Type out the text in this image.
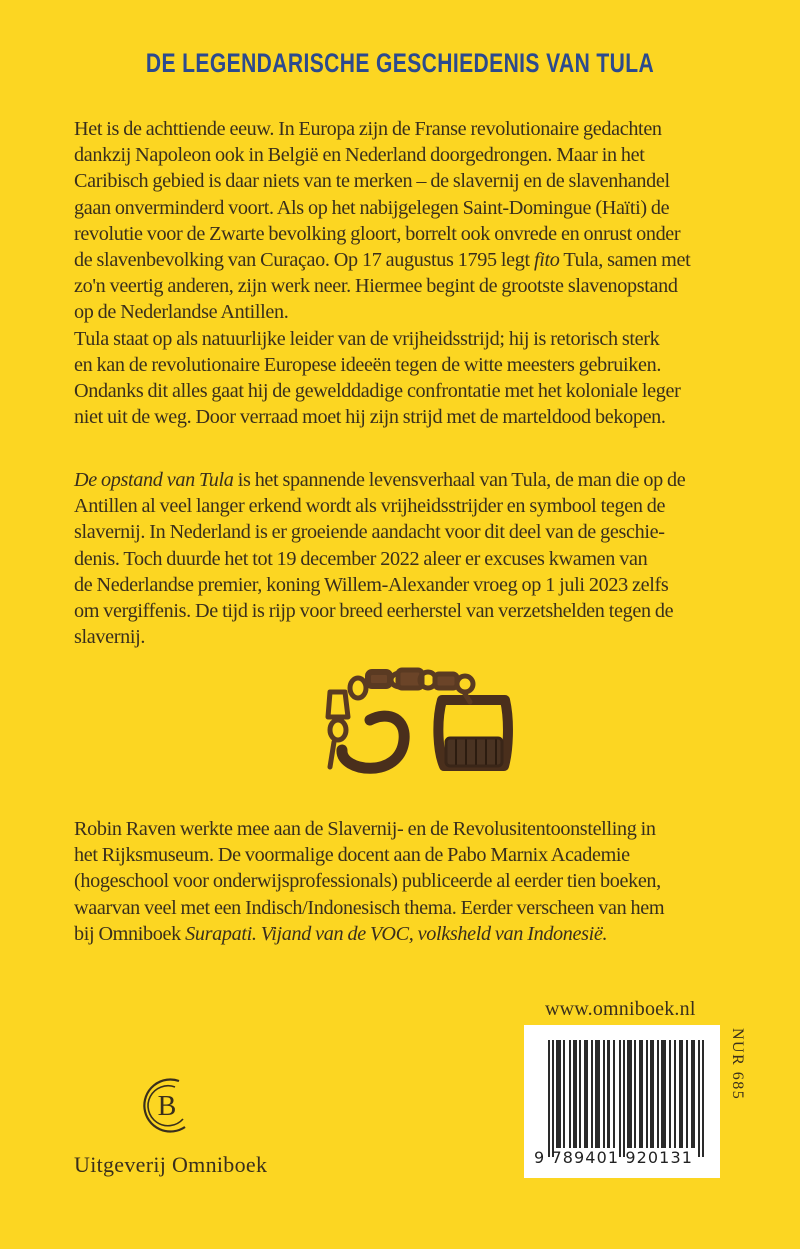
DE LEGENDARISCHE GESCHIEDENIS VAN TULA

Het is de achttiende eeuw. In Europa zijn de Franse revolutionaire gedachten

dankzij Napoleon ook in België en Nederland doorgedrongen. Maar in het

Caribisch gebied is daar niets van te merken – de slavernij en de slavenhandel

gaan onverminderd voort. Als op het nabijgelegen Saint-Domingue (Haïti) de

revolutie voor de Zwarte bevolking gloort, borrelt ook onvrede en onrust onder

de slavenbevolking van Curaçao. Op 17 augustus 1795 legt fito Tula, samen met

zo'n veertig anderen, zijn werk neer. Hiermee begint de grootste slavenopstand

op de Nederlandse Antillen.

Tula staat op als natuurlijke leider van de vrijheidsstrijd; hij is retorisch sterk

en kan de revolutionaire Europese ideeën tegen de witte meesters gebruiken.

Ondanks dit alles gaat hij de gewelddadige confrontatie met het koloniale leger

niet uit de weg. Door verraad moet hij zijn strijd met de marteldood bekopen.

De opstand van Tula is het spannende levensverhaal van Tula, de man die op de

Antillen al veel langer erkend wordt als vrijheidsstrijder en symbool tegen de

slavernij. In Nederland is er groeiende aandacht voor dit deel van de geschie-

denis. Toch duurde het tot 19 december 2022 aleer er excuses kwamen van

de Nederlandse premier, koning Willem-Alexander vroeg op 1 juli 2023 zelfs

om vergiffenis. De tijd is rijp voor breed eerherstel van verzetshelden tegen de

slavernij.

Robin Raven werkte mee aan de Slavernij- en de Revolusitentoonstelling in

het Rijksmuseum. De voormalige docent aan de Pabo Marnix Academie

(hogeschool voor onderwijsprofessionals) publiceerde al eerder tien boeken,

waarvan veel met een Indisch/Indonesisch thema. Eerder verscheen van hem

bij Omniboek Surapati. Vijand van de VOC, volksheld van Indonesië.

B
Uitgeverij Omniboek
www.omniboek.nl
9 789401 920131
NUR 685
